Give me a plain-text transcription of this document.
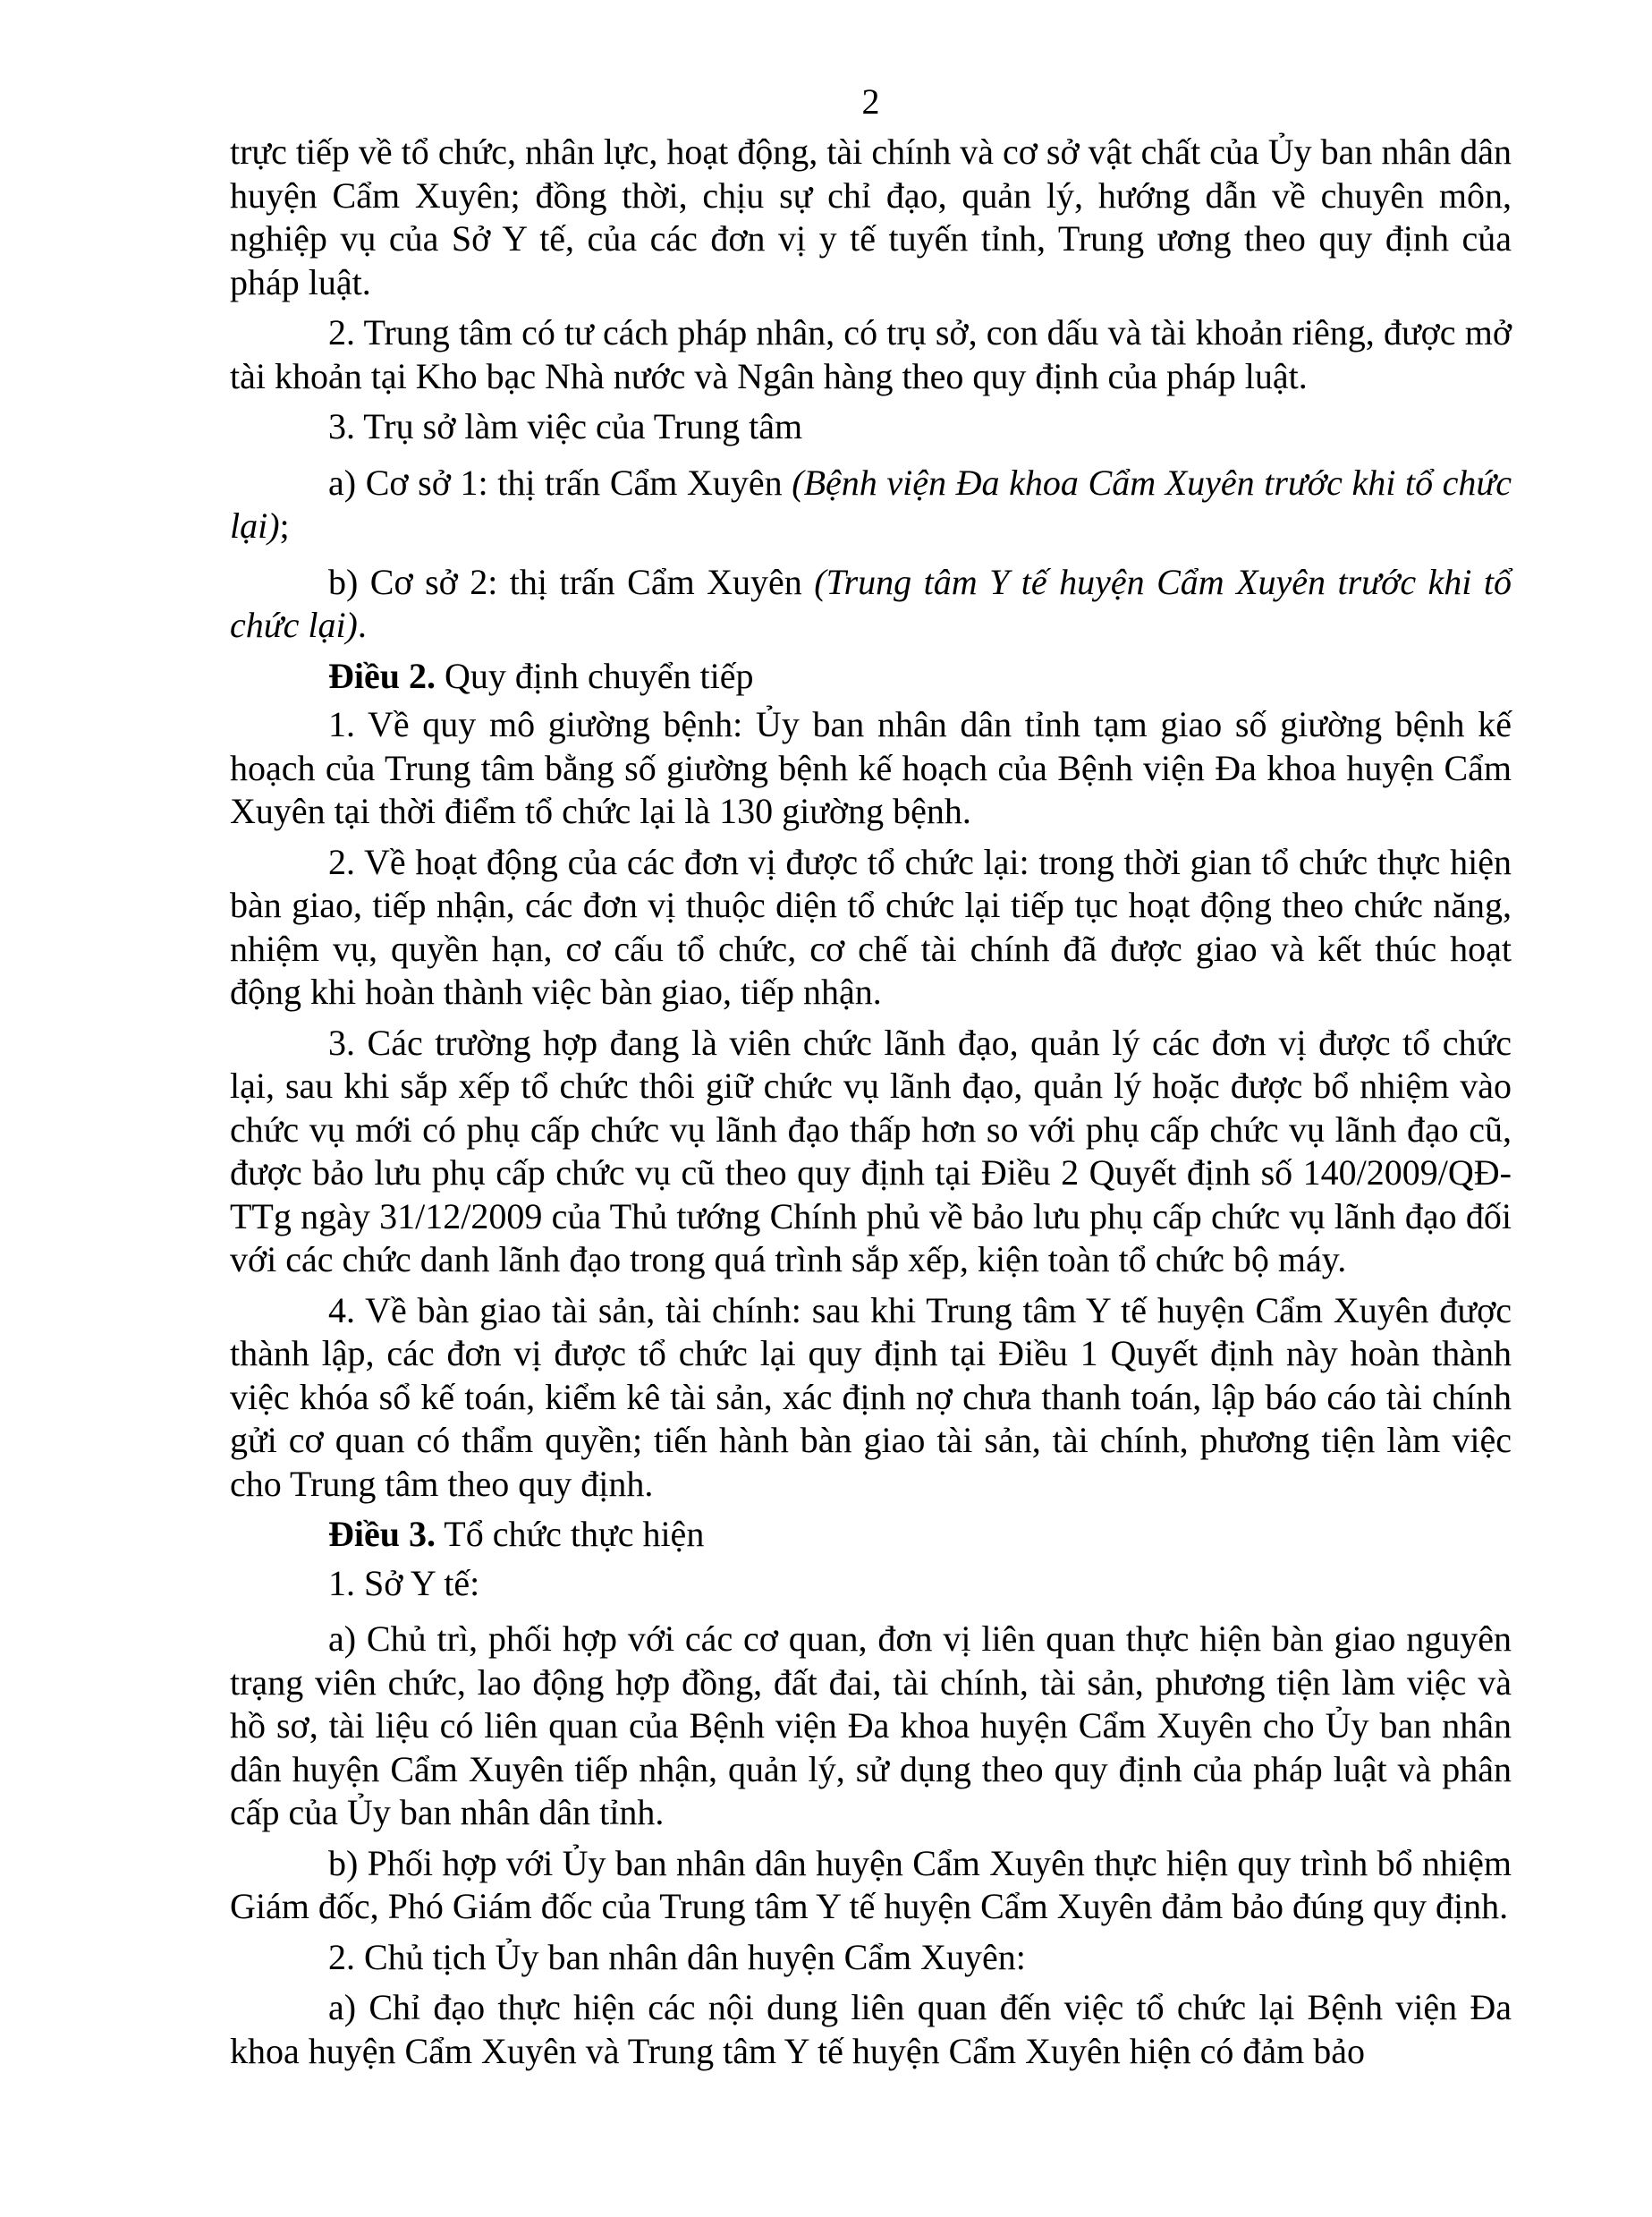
2

trực tiếp về tổ chức, nhân lực, hoạt động, tài chính và cơ sở vật chất của Ủy ban nhân dân huyện Cẩm Xuyên; đồng thời, chịu sự chỉ đạo, quản lý, hướng dẫn về chuyên môn, nghiệp vụ của Sở Y tế, của các đơn vị y tế tuyến tỉnh, Trung ương theo quy định của pháp luật.

2. Trung tâm có tư cách pháp nhân, có trụ sở, con dấu và tài khoản riêng, được mở tài khoản tại Kho bạc Nhà nước và Ngân hàng theo quy định của pháp luật.

3. Trụ sở làm việc của Trung tâm

a) Cơ sở 1: thị trấn Cẩm Xuyên (Bệnh viện Đa khoa Cẩm Xuyên trước khi tổ chức lại);

b) Cơ sở 2: thị trấn Cẩm Xuyên (Trung tâm Y tế huyện Cẩm Xuyên trước khi tổ chức lại).

Điều 2. Quy định chuyển tiếp

1. Về quy mô giường bệnh: Ủy ban nhân dân tỉnh tạm giao số giường bệnh kế hoạch của Trung tâm bằng số giường bệnh kế hoạch của Bệnh viện Đa khoa huyện Cẩm Xuyên tại thời điểm tổ chức lại là 130 giường bệnh.

2. Về hoạt động của các đơn vị được tổ chức lại: trong thời gian tổ chức thực hiện bàn giao, tiếp nhận, các đơn vị thuộc diện tổ chức lại tiếp tục hoạt động theo chức năng, nhiệm vụ, quyền hạn, cơ cấu tổ chức, cơ chế tài chính đã được giao và kết thúc hoạt động khi hoàn thành việc bàn giao, tiếp nhận.

3. Các trường hợp đang là viên chức lãnh đạo, quản lý các đơn vị được tổ chức lại, sau khi sắp xếp tổ chức thôi giữ chức vụ lãnh đạo, quản lý hoặc được bổ nhiệm vào chức vụ mới có phụ cấp chức vụ lãnh đạo thấp hơn so với phụ cấp chức vụ lãnh đạo cũ, được bảo lưu phụ cấp chức vụ cũ theo quy định tại Điều 2 Quyết định số 140/2009/QĐ-TTg ngày 31/12/2009 của Thủ tướng Chính phủ về bảo lưu phụ cấp chức vụ lãnh đạo đối với các chức danh lãnh đạo trong quá trình sắp xếp, kiện toàn tổ chức bộ máy.

4. Về bàn giao tài sản, tài chính: sau khi Trung tâm Y tế huyện Cẩm Xuyên được thành lập, các đơn vị được tổ chức lại quy định tại Điều 1 Quyết định này hoàn thành việc khóa sổ kế toán, kiểm kê tài sản, xác định nợ chưa thanh toán, lập báo cáo tài chính gửi cơ quan có thẩm quyền; tiến hành bàn giao tài sản, tài chính, phương tiện làm việc cho Trung tâm theo quy định.

Điều 3. Tổ chức thực hiện

1. Sở Y tế:

a) Chủ trì, phối hợp với các cơ quan, đơn vị liên quan thực hiện bàn giao nguyên trạng viên chức, lao động hợp đồng, đất đai, tài chính, tài sản, phương tiện làm việc và hồ sơ, tài liệu có liên quan của Bệnh viện Đa khoa huyện Cẩm Xuyên cho Ủy ban nhân dân huyện Cẩm Xuyên tiếp nhận, quản lý, sử dụng theo quy định của pháp luật và phân cấp của Ủy ban nhân dân tỉnh.

b) Phối hợp với Ủy ban nhân dân huyện Cẩm Xuyên thực hiện quy trình bổ nhiệm Giám đốc, Phó Giám đốc của Trung tâm Y tế huyện Cẩm Xuyên đảm bảo đúng quy định.

2. Chủ tịch Ủy ban nhân dân huyện Cẩm Xuyên:

a) Chỉ đạo thực hiện các nội dung liên quan đến việc tổ chức lại Bệnh viện Đa khoa huyện Cẩm Xuyên và Trung tâm Y tế huyện Cẩm Xuyên hiện có đảm bảo
